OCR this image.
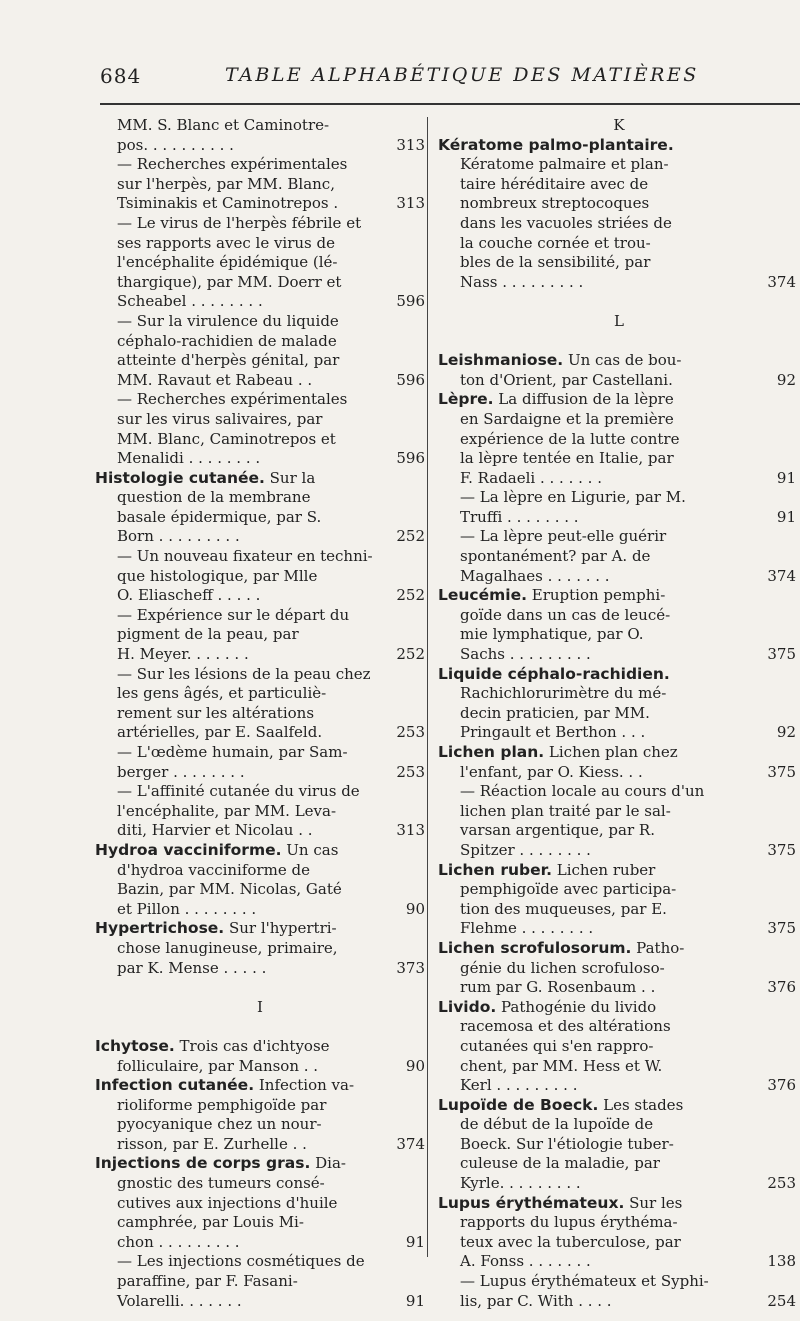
684	TABLE ALPHABÉTIQUE DES MATIÈRES
MM. S. Blanc et Caminotre-
pos. . . . . . . . . .	313
— Recherches expérimentales
sur l'herpès, par MM. Blanc,
Tsiminakis et Caminotrepos .	313
— Le virus de l'herpès fébrile et
ses rapports avec le virus de
l'encéphalite épidémique (lé-
thargique), par MM. Doerr et
Scheabel . . . . . . . .	596
— Sur la virulence du liquide
céphalo-rachidien de malade
atteinte d'herpès génital, par
MM. Ravaut et Rabeau . .	596
— Recherches expérimentales
sur les virus salivaires, par
MM. Blanc, Caminotrepos et
Menalidi . . . . . . . .	596
Histologie cutanée. Sur la
question de la membrane
basale épidermique, par S.
Born . . . . . . . . .	252
— Un nouveau fixateur en techni-
que histologique, par Mlle
O. Eliascheff . . . . .	252
— Expérience sur le départ du
pigment de la peau, par
H. Meyer. . . . . . .	252
— Sur les lésions de la peau chez
les gens âgés, et particuliè-
rement sur les altérations
artérielles, par E. Saalfeld.	253
— L'œdème humain, par Sam-
berger . . . . . . . .	253
— L'affinité cutanée du virus de
l'encéphalite, par MM. Leva-
diti, Harvier et Nicolau . .	313
Hydroa vacciniforme. Un cas
d'hydroa vacciniforme de
Bazin, par MM. Nicolas, Gaté
et Pillon . . . . . . . .	90
Hypertrichose. Sur l'hypertri-
chose lanugineuse, primaire,
par K. Mense . . . . .	373
I
Ichytose. Trois cas d'ichtyose
folliculaire, par Manson . .	90
Infection cutanée. Infection va-
rioliforme pemphigoïde par
pyocyanique chez un nour-
risson, par E. Zurhelle . .	374
Injections de corps gras. Dia-
gnostic des tumeurs consé-
cutives aux injections d'huile
camphrée, par Louis Mi-
chon . . . . . . . . .	91
— Les injections cosmétiques de
paraffine, par F. Fasani-
Volarelli. . . . . . .	91
K
Kératome palmo-plantaire.
Kératome palmaire et plan-
taire héréditaire avec de
nombreux streptocoques
dans les vacuoles striées de
la couche cornée et trou-
bles de la sensibilité, par
Nass . . . . . . . . .	374
L
Leishmaniose. Un cas de bou-
ton d'Orient, par Castellani.	92
Lèpre. La diffusion de la lèpre
en Sardaigne et la première
expérience de la lutte contre
la lèpre tentée en Italie, par
F. Radaeli . . . . . . .	91
— La lèpre en Ligurie, par M.
Truffi . . . . . . . .	91
— La lèpre peut-elle guérir
spontanément? par A. de
Magalhaes . . . . . . .	374
Leucémie. Eruption pemphi-
goïde dans un cas de leucé-
mie lymphatique, par O.
Sachs . . . . . . . . .	375
Liquide céphalo-rachidien.
Rachichlorurimètre du mé-
decin praticien, par MM.
Pringault et Berthon . . .	92
Lichen plan. Lichen plan chez
l'enfant, par O. Kiess. . .	375
— Réaction locale au cours d'un
lichen plan traité par le sal-
varsan argentique, par R.
Spitzer . . . . . . . .	375
Lichen ruber. Lichen ruber
pemphigoïde avec participa-
tion des muqueuses, par E.
Flehme . . . . . . . .	375
Lichen scrofulosorum. Patho-
génie du lichen scrofuloso-
rum par G. Rosenbaum . .	376
Livido. Pathogénie du livido
racemosa et des altérations
cutanées qui s'en rappro-
chent, par MM. Hess et W.
Kerl . . . . . . . . .	376
Lupoïde de Boeck. Les stades
de début de la lupoïde de
Boeck. Sur l'étiologie tuber-
culeuse de la maladie, par
Kyrle. . . . . . . . .	253
Lupus érythémateux. Sur les
rapports du lupus érythéma-
teux avec la tuberculose, par
A. Fonss . . . . . . .	138
— Lupus érythémateux et Syphi-
lis, par C. With . . . .	254
